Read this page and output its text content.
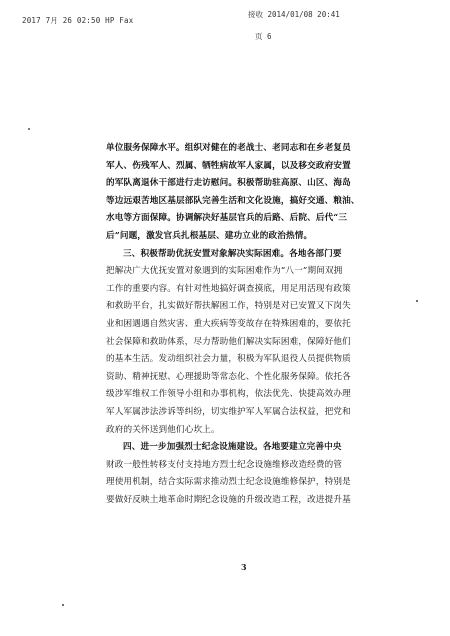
2017 7月 26 02:50 HP Fax
接收 2014/01/08 20:41
页 6
单位服务保障水平。组织对健在的老战士、老同志和在乡老复员
军人、伤残军人、烈属、牺牲病故军人家属，以及移交政府安置
的军队离退休干部进行走访慰问。积极帮助驻高原、山区、海岛
等边远艰苦地区基层部队完善生活和文化设施，搞好交通、粮油、
水电等方面保障。协调解决好基层官兵的后路、后院、后代“三
后”问题，激发官兵扎根基层、建功立业的政治热情。
三、积极帮助优抚安置对象解决实际困难。各地各部门要
把解决广大优抚安置对象遇到的实际困难作为“八一”期间双拥
工作的重要内容。有针对性地搞好调查摸底，用足用活现有政策
和救助平台，扎实做好帮扶解困工作，特别是对已安置又下岗失
业和困遇遇自然灾害、重大疾病等变故存在特殊困难的，要依托
社会保障和救助体系，尽力帮助他们解决实际困难，保障好他们
的基本生活。发动组织社会力量，积极为军队退役人员提供物质
资助、精神抚慰、心理援助等常态化、个性化服务保障。依托各
级涉军维权工作领导小组和办事机构，依法优先、快捷高效办理
军人军属涉法涉诉等纠纷，切实维护军人军属合法权益，把党和
政府的关怀送到他们心坎上。
四、进一步加强烈士纪念设施建设。各地要建立完善中央
财政一般性转移支付支持地方烈士纪念设施维修改造经费的管
理使用机制，结合实际需求推动烈士纪念设施维修保护，特别是
要做好反映土地革命时期纪念设施的升级改造工程，改进提升基
3
